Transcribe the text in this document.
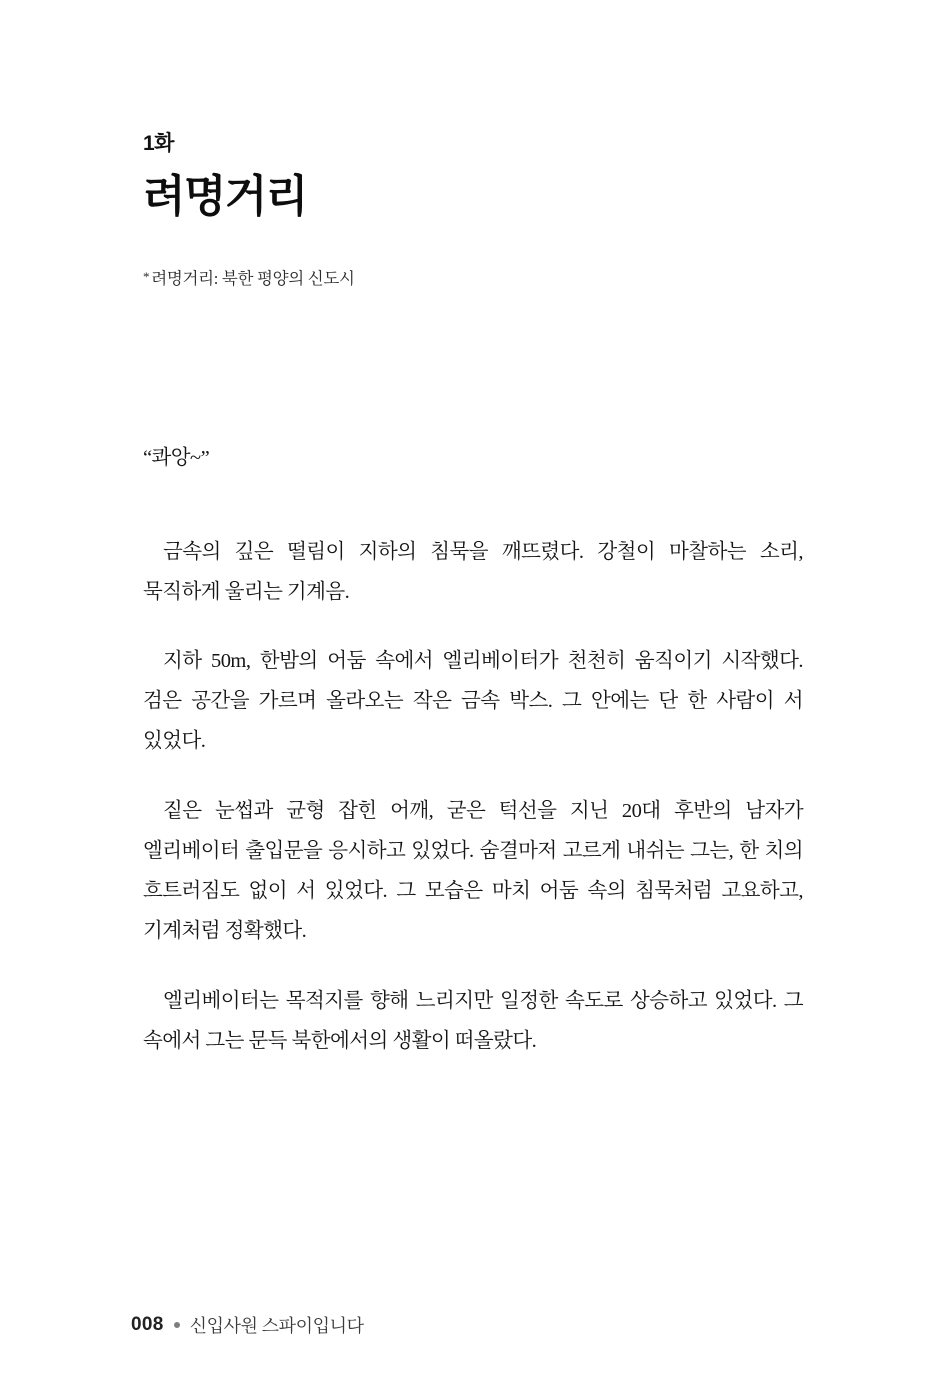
1화
려명거리

* 려명거리: 북한 평양의 신도시

“콰앙~”

금속의 깊은 떨림이 지하의 침묵을 깨뜨렸다. 강철이 마찰하는 소리, 묵직하게 울리는 기계음.

지하 50m, 한밤의 어둠 속에서 엘리베이터가 천천히 움직이기 시작했다. 검은 공간을 가르며 올라오는 작은 금속 박스. 그 안에는 단 한 사람이 서 있었다.

짙은 눈썹과 균형 잡힌 어깨, 굳은 턱선을 지닌 20대 후반의 남자가 엘리베이터 출입문을 응시하고 있었다. 숨결마저 고르게 내쉬는 그는, 한 치의 흐트러짐도 없이 서 있었다. 그 모습은 마치 어둠 속의 침묵처럼 고요하고, 기계처럼 정확했다.

엘리베이터는 목적지를 향해 느리지만 일정한 속도로 상승하고 있었다. 그 속에서 그는 문득 북한에서의 생활이 떠올랐다.

008 신입사원 스파이입니다
